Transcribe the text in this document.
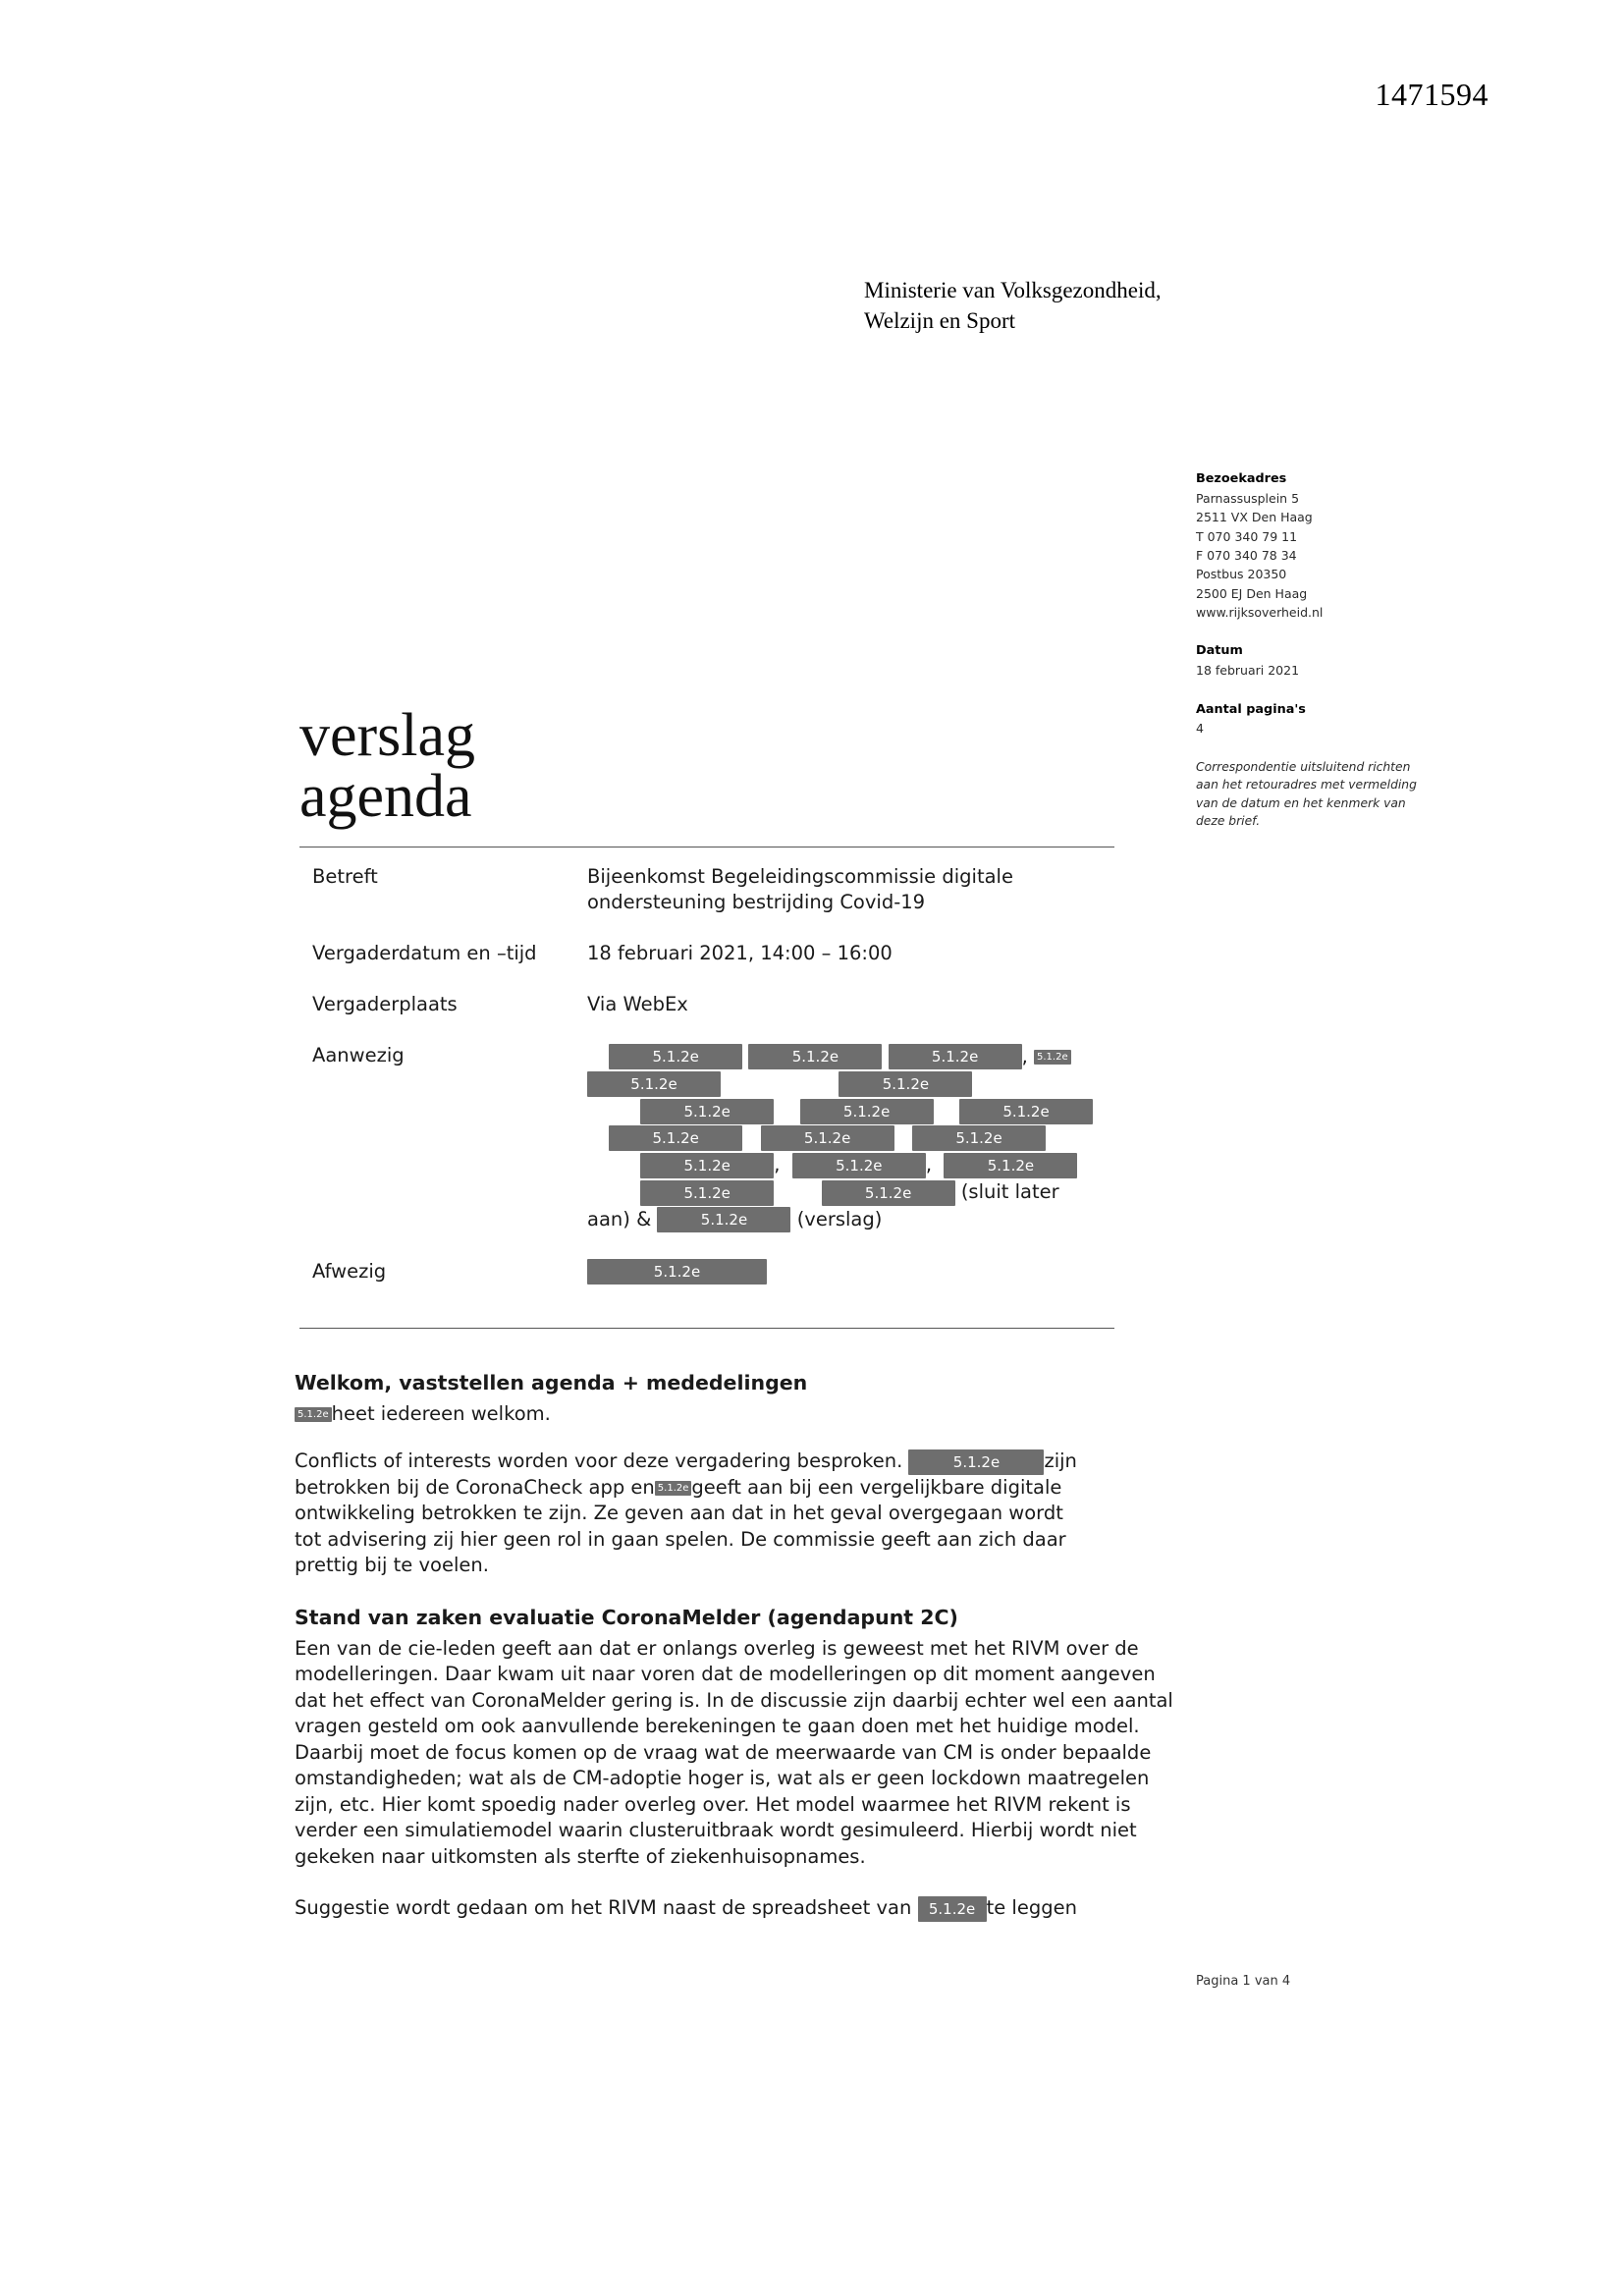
1471594
Ministerie van Volksgezondheid,
Welzijn en Sport
Bezoekadres
Parnassusplein 5
2511 VX Den Haag
T 070 340 79 11
F 070 340 78 34
Postbus 20350
2500 EJ Den Haag
www.rijksoverheid.nl
Datum
18 februari 2021
Aantal pagina's
4
Correspondentie uitsluitend richten aan het retouradres met vermelding van de datum en het kenmerk van deze brief.
verslag
agenda
Betreft	Bijeenkomst Begeleidingscommissie digitale
ondersteuning bestrijding Covid-19
Vergaderdatum en –tijd	18 februari 2021, 14:00 – 16:00
Vergaderplaats	Via WebEx
Aanwezig	5.1.2e	5.1.2e	5.1.2e , 5.1.2e
5.1.2e	5.1.2e
5.1.2e	5.1.2e	5.1.2e
5.1.2e	5.1.2e	5.1.2e
5.1.2e ,	5.1.2e ,	5.1.2e
5.1.2e	5.1.2e	(sluit later
aan) &	5.1.2e	(verslag)
Afwezig	5.1.2e
Welkom, vaststellen agenda + mededelingen
5.1.2e heet iedereen welkom.
Conflicts of interests worden voor deze vergadering besproken.	5.1.2e zijn
betrokken bij de CoronaCheck app en 5.1.2e geeft aan bij een vergelijkbare digitale
ontwikkeling betrokken te zijn. Ze geven aan dat in het geval overgegaan wordt
tot advisering zij hier geen rol in gaan spelen. De commissie geeft aan zich daar
prettig bij te voelen.
Stand van zaken evaluatie CoronaMelder (agendapunt 2C)
Een van de cie-leden geeft aan dat er onlangs overleg is geweest met het RIVM over de modelleringen. Daar kwam uit naar voren dat de modelleringen op dit moment aangeven dat het effect van CoronaMelder gering is. In de discussie zijn daarbij echter wel een aantal vragen gesteld om ook aanvullende berekeningen te gaan doen met het huidige model. Daarbij moet de focus komen op de vraag wat de meerwaarde van CM is onder bepaalde omstandigheden; wat als de CM-adoptie hoger is, wat als er geen lockdown maatregelen zijn, etc. Hier komt spoedig nader overleg over. Het model waarmee het RIVM rekent is verder een simulatiemodel waarin clusteruitbraak wordt gesimuleerd. Hierbij wordt niet gekeken naar uitkomsten als sterfte of ziekenhuisopnames.
Suggestie wordt gedaan om het RIVM naast de spreadsheet van 5.1.2e te leggen
Pagina 1 van 4
